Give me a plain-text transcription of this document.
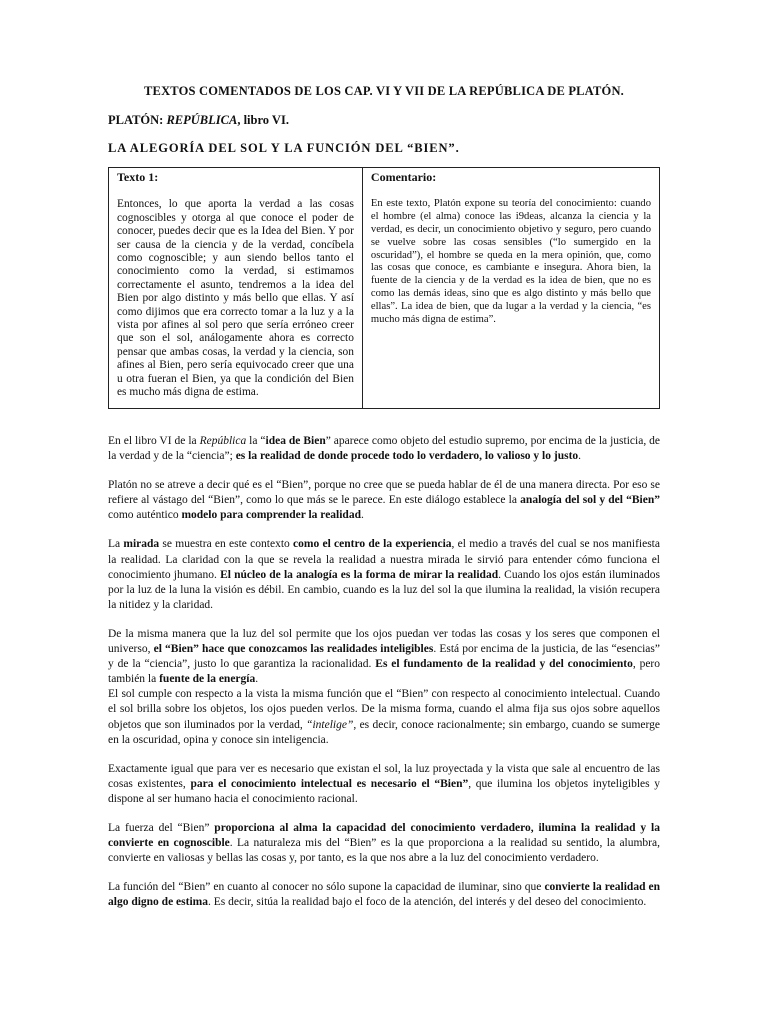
TEXTOS COMENTADOS DE LOS CAP. VI Y VII DE LA REPÚBLICA DE PLATÓN.
PLATÓN: REPÚBLICA, libro VI.
LA ALEGORÍA DEL SOL Y LA FUNCIÓN DEL “BIEN”.
Texto 1:
Entonces, lo que aporta la verdad a las cosas cognoscibles y otorga al que conoce el poder de conocer, puedes decir que es la Idea del Bien. Y por ser causa de la ciencia y de la verdad, concíbela como cognoscible; y aun siendo bellos tanto el conocimiento como la verdad, si estimamos correctamente el asunto, tendremos a la idea del Bien por algo distinto y más bello que ellas. Y así como dijimos que era correcto tomar a la luz y a la vista por afines al sol pero que sería erróneo creer que son el sol, análogamente ahora es correcto pensar que ambas cosas, la verdad y la ciencia, son afines al Bien, pero sería equivocado creer que una u otra fueran el Bien, ya que la condición del Bien es mucho más digna de estima.

Comentario:
En este texto, Platón expone su teoría del conocimiento: cuando el hombre (el alma) conoce las i9deas, alcanza la ciencia y la verdad, es decir, un conocimiento objetivo y seguro, pero cuando se vuelve sobre las cosas sensibles (“lo sumergido en la oscuridad”), el hombre se queda en la mera opinión, que, como las cosas que conoce, es cambiante e insegura. Ahora bien, la fuente de la ciencia y de la verdad es la idea de bien, que no es como las demás ideas, sino que es algo distinto y más bello que ellas”. La idea de bien, que da lugar a la verdad y la ciencia, “es mucho más digna de estima”.

En el libro VI de la República la “idea de Bien” aparece como objeto del estudio supremo, por encima de la justicia, de la verdad y de la “ciencia”; es la realidad de donde procede todo lo verdadero, lo valioso y lo justo.

Platón no se atreve a decir qué es el “Bien”, porque no cree que se pueda hablar de él de una manera directa. Por eso se refiere al vástago del “Bien”, como lo que más se le parece. En este diálogo establece la analogía del sol y del “Bien” como auténtico modelo para comprender la realidad.

La mirada se muestra en este contexto como el centro de la experiencia, el medio a través del cual se nos manifiesta la realidad. La claridad con la que se revela la realidad a nuestra mirada le sirvió para entender cómo funciona el conocimiento jhumano. El núcleo de la analogía es la forma de mirar la realidad. Cuando los ojos están iluminados por la luz de la luna la visión es débil. En cambio, cuando es la luz del sol la que ilumina la realidad, la visión recupera la nitidez y la claridad.

De la misma manera que la luz del sol permite que los ojos puedan ver todas las cosas y los seres que componen el universo, el “Bien” hace que conozcamos las realidades inteligibles. Está por encima de la justicia, de las “esencias” y de la “ciencia”, justo lo que garantiza la racionalidad. Es el fundamento de la realidad y del conocimiento, pero también la fuente de la energía.

El sol cumple con respecto a la vista la misma función que el “Bien” con respecto al conocimiento intelectual. Cuando el sol brilla sobre los objetos, los ojos pueden verlos. De la misma forma, cuando el alma fija sus ojos sobre aquellos objetos que son iluminados por la verdad, “intelige”, es decir, conoce racionalmente; sin embargo, cuando se sumerge en la oscuridad, opina y conoce sin inteligencia.

Exactamente igual que para ver es necesario que existan el sol, la luz proyectada y la vista que sale al encuentro de las cosas existentes, para el conocimiento intelectual es necesario el “Bien”, que ilumina los objetos inyteligibles y dispone al ser humano hacia el conocimiento racional.

La fuerza del “Bien” proporciona al alma la capacidad del conocimiento verdadero, ilumina la realidad y la convierte en cognoscible. La naturaleza mis del “Bien” es la que proporciona a la realidad su sentido, la alumbra, convierte en valiosas y bellas las cosas y, por tanto, es la que nos abre a la luz del conocimiento verdadero.

La función del “Bien” en cuanto al conocer no sólo supone la capacidad de iluminar, sino que convierte la realidad en algo digno de estima. Es decir, sitúa la realidad bajo el foco de la atención, del interés y del deseo del conocimiento.
